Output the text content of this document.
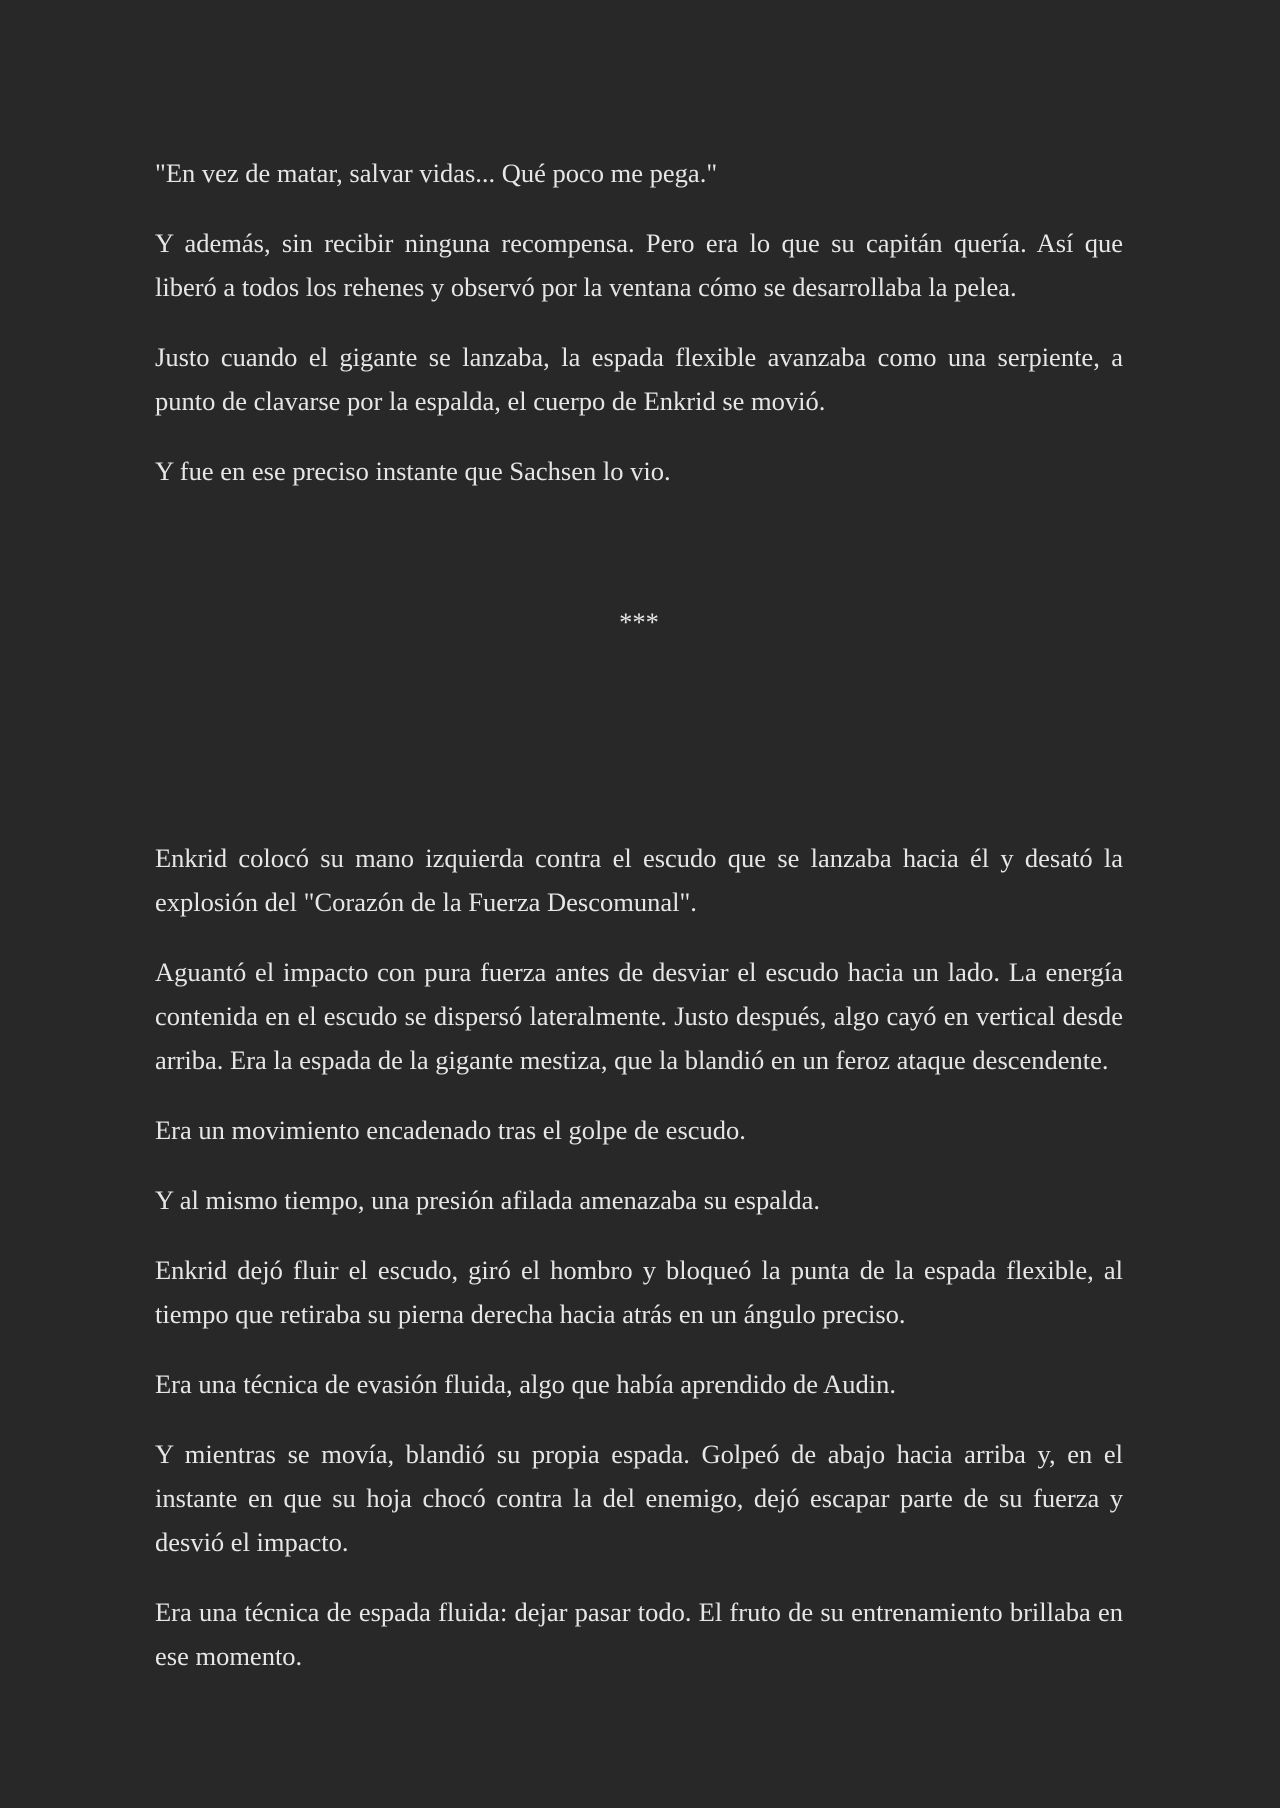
"En vez de matar, salvar vidas... Qué poco me pega."

Y además, sin recibir ninguna recompensa. Pero era lo que su capitán quería. Así que liberó a todos los rehenes y observó por la ventana cómo se desarrollaba la pelea.

Justo cuando el gigante se lanzaba, la espada flexible avanzaba como una serpiente, a punto de clavarse por la espalda, el cuerpo de Enkrid se movió.

Y fue en ese preciso instante que Sachsen lo vio.

***

Enkrid colocó su mano izquierda contra el escudo que se lanzaba hacia él y desató la explosión del "Corazón de la Fuerza Descomunal".

Aguantó el impacto con pura fuerza antes de desviar el escudo hacia un lado. La energía contenida en el escudo se dispersó lateralmente. Justo después, algo cayó en vertical desde arriba. Era la espada de la gigante mestiza, que la blandió en un feroz ataque descendente.

Era un movimiento encadenado tras el golpe de escudo.

Y al mismo tiempo, una presión afilada amenazaba su espalda.

Enkrid dejó fluir el escudo, giró el hombro y bloqueó la punta de la espada flexible, al tiempo que retiraba su pierna derecha hacia atrás en un ángulo preciso.

Era una técnica de evasión fluida, algo que había aprendido de Audin.

Y mientras se movía, blandió su propia espada. Golpeó de abajo hacia arriba y, en el instante en que su hoja chocó contra la del enemigo, dejó escapar parte de su fuerza y desvió el impacto.

Era una técnica de espada fluida: dejar pasar todo. El fruto de su entrenamiento brillaba en ese momento.
